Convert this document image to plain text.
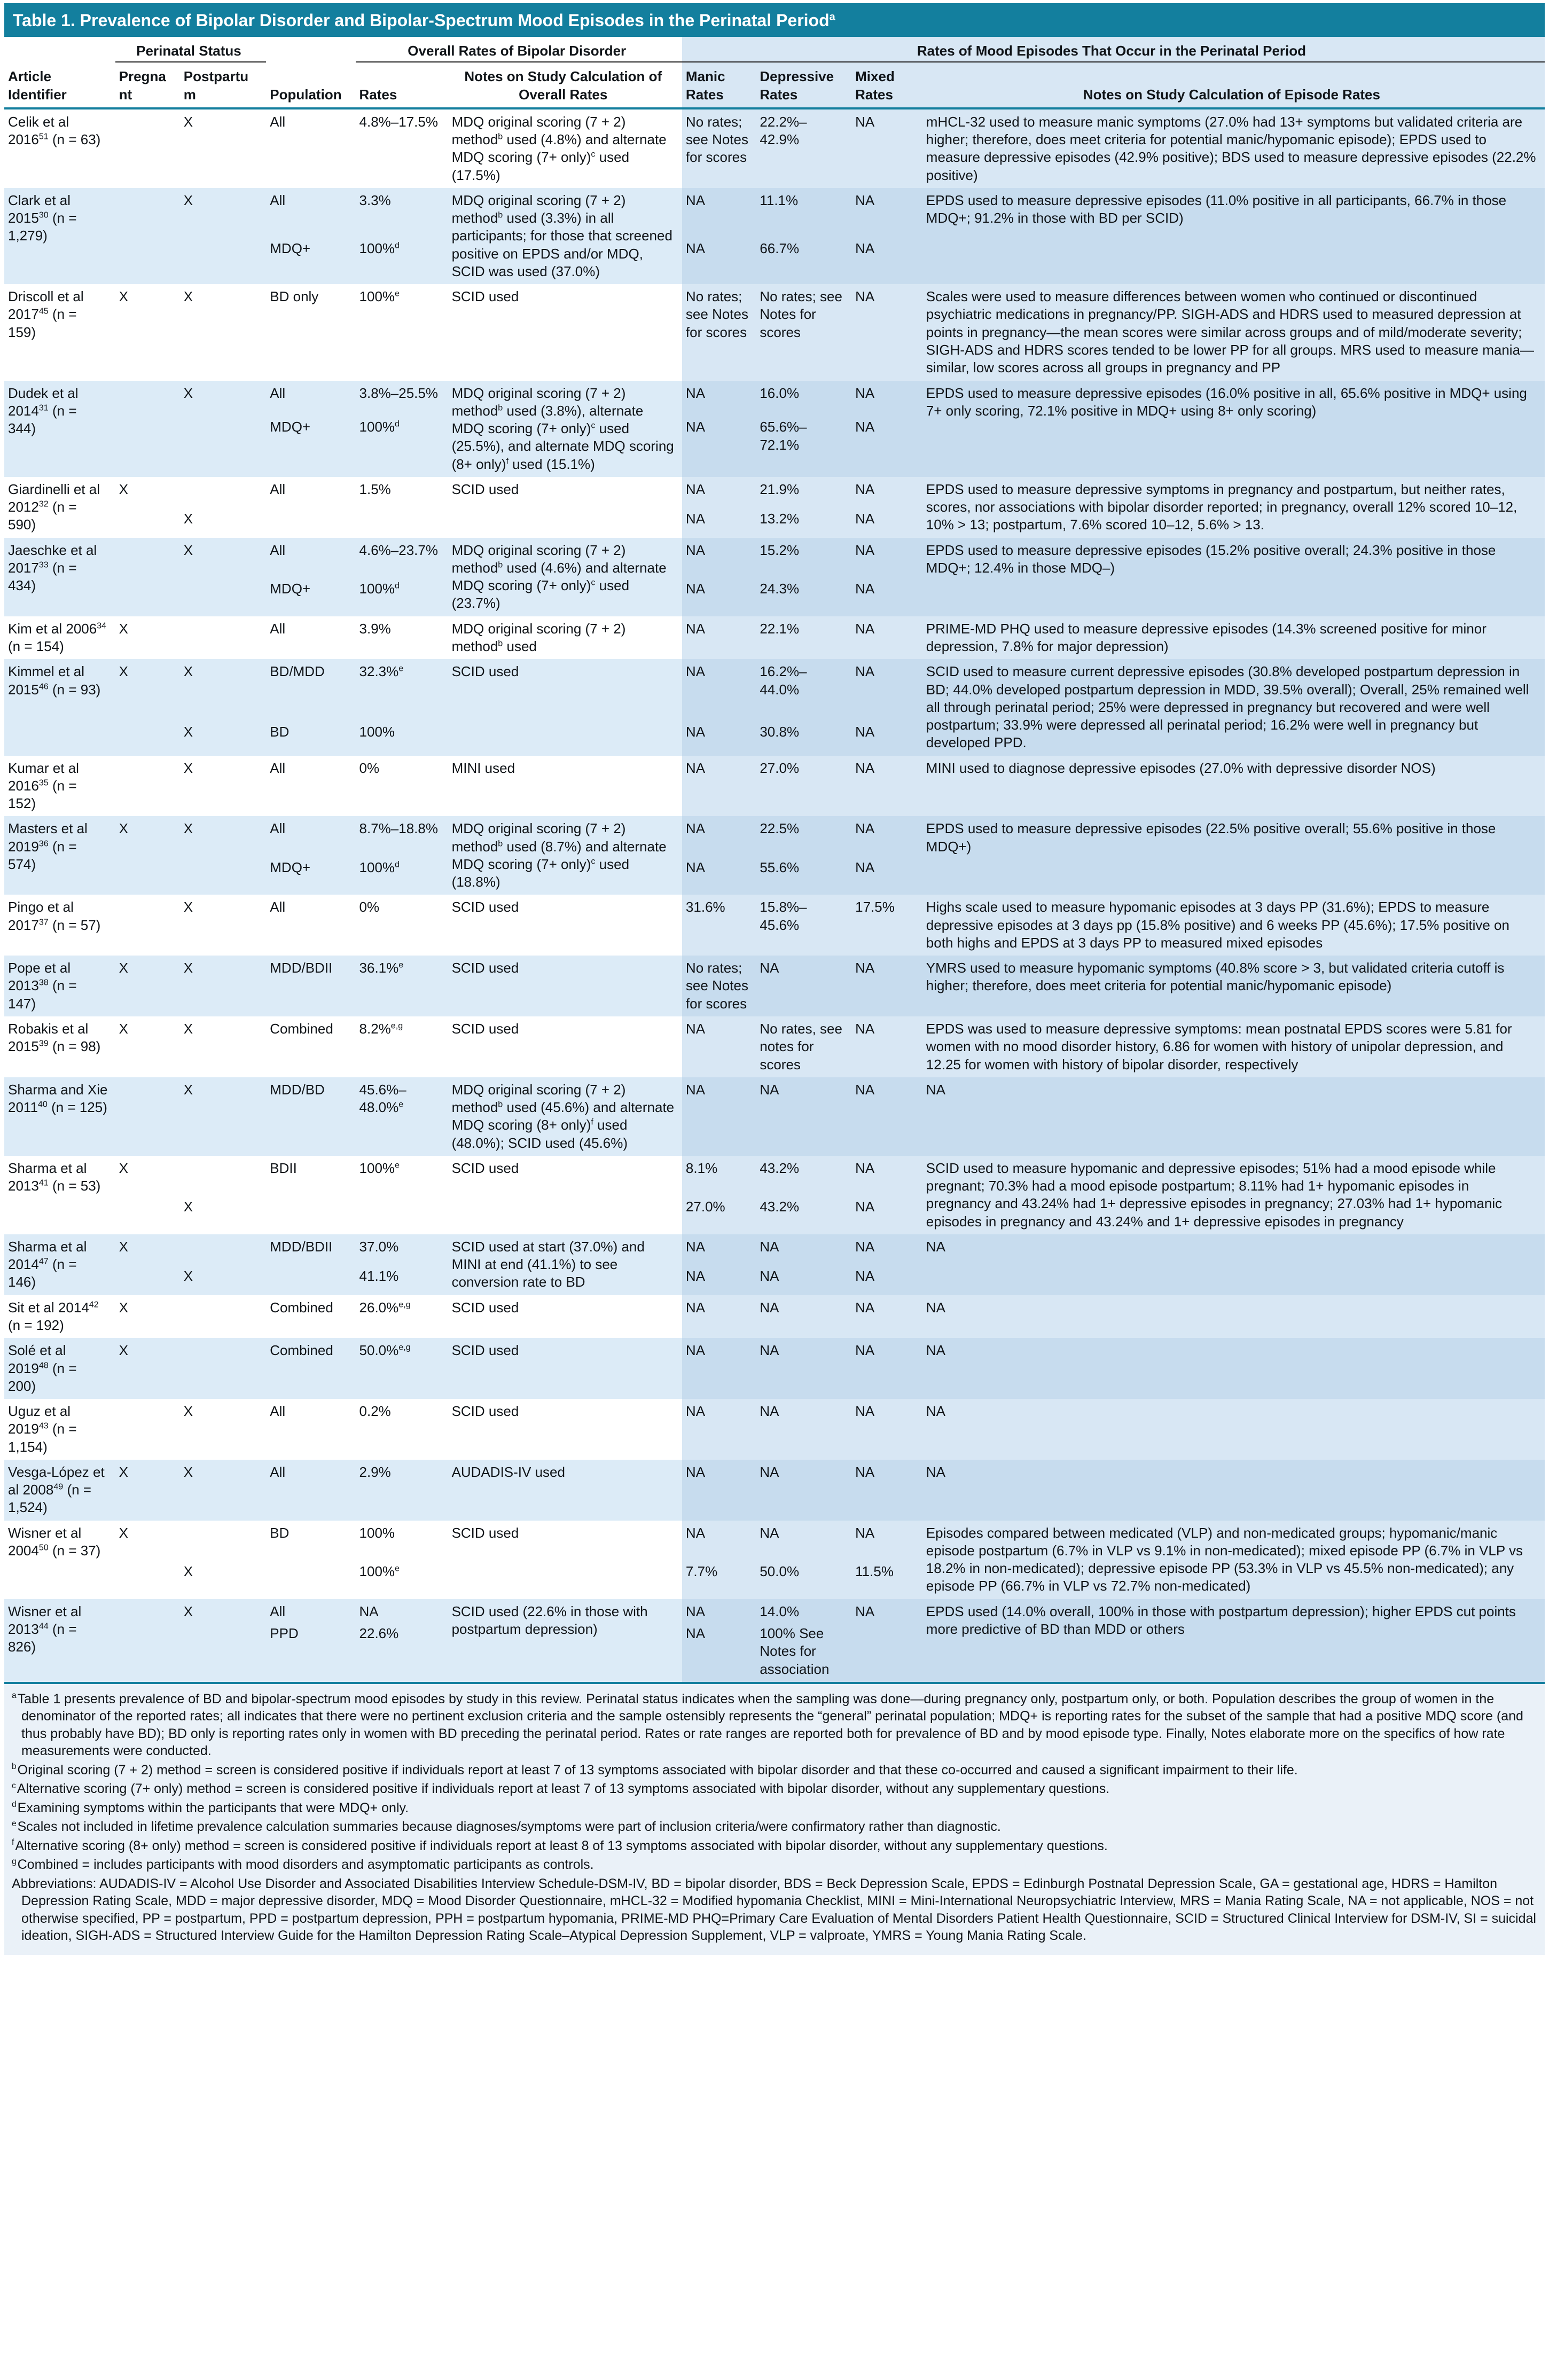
Table 1. Prevalence of Bipolar Disorder and Bipolar-Spectrum Mood Episodes in the Perinatal Period$^a$
Article Identifier	Perinatal Status		Population	Overall Rates of Bipolar Disorder		Rates of Mood Episodes That Occur in the Perinatal Period			
	Pregnant	Postpartum		Rates	Notes on Study Calculation of Overall Rates	Manic Rates	Depressive Rates	Mixed Rates	Notes on Study Calculation of Episode Rates
Celik et al 2016$^{51}$ (n = 63)		X	All	4.8%–17.5%	MDQ original scoring (7 + 2) method$^b$ used (4.8%) and alternate MDQ scoring (7+ only)$^c$ used (17.5%)	No rates; see Notes for scores	22.2%–42.9%	NA	mHCL-32 used to measure manic symptoms (27.0% had 13+ symptoms but validated criteria are higher; therefore, does meet criteria for potential manic/hypomanic episode); EPDS used to measure depressive episodes (42.9% positive); BDS used to measure depressive episodes (22.2% positive)
Clark et al 2015$^{30}$ (n = 1,279)		X	All	3.3%	MDQ original scoring (7 + 2) method$^b$ used (3.3%) in all participants; for those that screened positive on EPDS and/or MDQ, SCID was used (37.0%)	NA	11.1%	NA	EPDS used to measure depressive episodes (11.0% positive in all participants, 66.7% in those MDQ+; 91.2% in those with BD per SCID)
			MDQ+	100%$^d$		NA	66.7%	NA	
Driscoll et al 2017$^{45}$ (n = 159)	X	X	BD only	100%$^e$	SCID used	No rates; see Notes for scores	No rates; see Notes for scores	NA	Scales were used to measure differences between women who continued or discontinued psychiatric medications in pregnancy/PP. SIGH-ADS and HDRS used to measured depression at points in pregnancy—the mean scores were similar across groups and of mild/moderate severity; SIGH-ADS and HDRS scores tended to be lower PP for all groups. MRS used to measure mania—similar, low scores across all groups in pregnancy and PP
Dudek et al 2014$^{31}$ (n = 344)		X	All	3.8%–25.5%	MDQ original scoring (7 + 2) method$^b$ used (3.8%), alternate MDQ scoring (7+ only)$^c$ used (25.5%), and alternate MDQ scoring (8+ only)$^f$ used (15.1%)	NA	16.0%	NA	EPDS used to measure depressive episodes (16.0% positive in all, 65.6% positive in MDQ+ using 7+ only scoring, 72.1% positive in MDQ+ using 8+ only scoring)
			MDQ+	100%$^d$		NA	65.6%–72.1%	NA	
Giardinelli et al 2012$^{32}$ (n = 590)	X		All	1.5%	SCID used	NA	21.9%	NA	EPDS used to measure depressive symptoms in pregnancy and postpartum, but neither rates, scores, nor associations with bipolar disorder reported; in pregnancy, overall 12% scored 10–12, 10% > 13; postpartum, 7.6% scored 10–12, 5.6% > 13.
		X				NA	13.2%	NA	
Jaeschke et al 2017$^{33}$ (n = 434)		X	All	4.6%–23.7%	MDQ original scoring (7 + 2) method$^b$ used (4.6%) and alternate MDQ scoring (7+ only)$^c$ used (23.7%)	NA	15.2%	NA	EPDS used to measure depressive episodes (15.2% positive overall; 24.3% positive in those MDQ+; 12.4% in those MDQ–)
			MDQ+	100%$^d$		NA	24.3%	NA	
Kim et al 2006$^{34}$ (n = 154)	X		All	3.9%	MDQ original scoring (7 + 2) method$^b$ used	NA	22.1%	NA	PRIME-MD PHQ used to measure depressive episodes (14.3% screened positive for minor depression, 7.8% for major depression)
Kimmel et al 2015$^{46}$ (n = 93)	X	X	BD/MDD	32.3%$^e$	SCID used	NA	16.2%–44.0%	NA	SCID used to measure current depressive episodes (30.8% developed postpartum depression in BD; 44.0% developed postpartum depression in MDD, 39.5% overall); Overall, 25% remained well all through perinatal period; 25% were depressed in pregnancy but recovered and were well postpartum; 33.9% were depressed all perinatal period; 16.2% were well in pregnancy but developed PPD.
		X	BD	100%		NA	30.8%	NA	
Kumar et al 2016$^{35}$ (n = 152)		X	All	0%	MINI used	NA	27.0%	NA	MINI used to diagnose depressive episodes (27.0% with depressive disorder NOS)
Masters et al 2019$^{36}$ (n = 574)	X	X	All	8.7%–18.8%	MDQ original scoring (7 + 2) method$^b$ used (8.7%) and alternate MDQ scoring (7+ only)$^c$ used (18.8%)	NA	22.5%	NA	EPDS used to measure depressive episodes (22.5% positive overall; 55.6% positive in those MDQ+)
			MDQ+	100%$^d$		NA	55.6%	NA	
Pingo et al 2017$^{37}$ (n = 57)		X	All	0%	SCID used	31.6%	15.8%–45.6%	17.5%	Highs scale used to measure hypomanic episodes at 3 days PP (31.6%); EPDS to measure depressive episodes at 3 days pp (15.8% positive) and 6 weeks PP (45.6%); 17.5% positive on both highs and EPDS at 3 days PP to measured mixed episodes
Pope et al 2013$^{38}$ (n = 147)	X	X	MDD/BDII	36.1%$^e$	SCID used	No rates; see Notes for scores	NA	NA	YMRS used to measure hypomanic symptoms (40.8% score > 3, but validated criteria cutoff is higher; therefore, does meet criteria for potential manic/hypomanic episode)
Robakis et al 2015$^{39}$ (n = 98)	X	X	Combined	8.2%$^{e,g}$	SCID used	NA	No rates, see notes for scores	NA	EPDS was used to measure depressive symptoms: mean postnatal EPDS scores were 5.81 for women with no mood disorder history, 6.86 for women with history of unipolar depression, and 12.25 for women with history of bipolar disorder, respectively
Sharma and Xie 2011$^{40}$ (n = 125)		X	MDD/BD	45.6%–48.0%$^e$	MDQ original scoring (7 + 2) method$^b$ used (45.6%) and alternate MDQ scoring (8+ only)$^f$ used (48.0%); SCID used (45.6%)	NA	NA	NA	NA
Sharma et al 2013$^{41}$ (n = 53)	X		BDII	100%$^e$	SCID used	8.1%	43.2%	NA	SCID used to measure hypomanic and depressive episodes; 51% had a mood episode while pregnant; 70.3% had a mood episode postpartum; 8.11% had 1+ hypomanic episodes in pregnancy and 43.24% had 1+ depressive episodes in pregnancy; 27.03% had 1+ hypomanic episodes in pregnancy and 43.24% and 1+ depressive episodes in pregnancy
		X				27.0%	43.2%	NA	
Sharma et al 2014$^{47}$ (n = 146)	X		MDD/BDII	37.0%	SCID used at start (37.0%) and MINI at end (41.1%) to see conversion rate to BD	NA	NA	NA	NA
		X		41.1%		NA	NA	NA	
Sit et al 2014$^{42}$ (n = 192)	X		Combined	26.0%$^{e,g}$	SCID used	NA	NA	NA	NA
Solé et al 2019$^{48}$ (n = 200)	X		Combined	50.0%$^{e,g}$	SCID used	NA	NA	NA	NA
Uguz et al 2019$^{43}$ (n = 1,154)		X	All	0.2%	SCID used	NA	NA	NA	NA
Vesga-López et al 2008$^{49}$ (n = 1,524)	X	X	All	2.9%	AUDADIS-IV used	NA	NA	NA	NA
Wisner et al 2004$^{50}$ (n = 37)	X		BD	100%	SCID used	NA	NA	NA	Episodes compared between medicated (VLP) and non-medicated groups; hypomanic/manic episode postpartum (6.7% in VLP vs 9.1% in non-medicated); mixed episode PP (6.7% in VLP vs 18.2% in non-medicated); depressive episode PP (53.3% in VLP vs 45.5% non-medicated); any episode PP (66.7% in VLP vs 72.7% non-medicated)
		X		100%$^e$		7.7%	50.0%	11.5%	
Wisner et al 2013$^{44}$ (n = 826)		X	All	NA	SCID used (22.6% in those with postpartum depression)	NA	14.0%	NA	EPDS used (14.0% overall, 100% in those with postpartum depression); higher EPDS cut points more predictive of BD than MDD or others
			PPD	22.6%		NA	100% See Notes for association		

$^a$Table 1 presents prevalence of BD and bipolar-spectrum mood episodes by study in this review. Perinatal status indicates when the sampling was done—during pregnancy only, postpartum only, or both. Population describes the group of women in the denominator of the reported rates; all indicates that there were no pertinent exclusion criteria and the sample ostensibly represents the “general” perinatal population; MDQ+ is reporting rates for the subset of the sample that had a positive MDQ score (and thus probably have BD); BD only is reporting rates only in women with BD preceding the perinatal period. Rates or rate ranges are reported both for prevalence of BD and by mood episode type. Finally, Notes elaborate more on the specifics of how rate measurements were conducted.

$^b$Original scoring (7 + 2) method = screen is considered positive if individuals report at least 7 of 13 symptoms associated with bipolar disorder and that these co-occurred and caused a significant impairment to their life.

$^c$Alternative scoring (7+ only) method = screen is considered positive if individuals report at least 7 of 13 symptoms associated with bipolar disorder, without any supplementary questions.

$^d$Examining symptoms within the participants that were MDQ+ only.

$^e$Scales not included in lifetime prevalence calculation summaries because diagnoses/symptoms were part of inclusion criteria/were confirmatory rather than diagnostic.

$^f$Alternative scoring (8+ only) method = screen is considered positive if individuals report at least 8 of 13 symptoms associated with bipolar disorder, without any supplementary questions.

$^g$Combined = includes participants with mood disorders and asymptomatic participants as controls.

Abbreviations: AUDADIS-IV = Alcohol Use Disorder and Associated Disabilities Interview Schedule-DSM-IV, BD = bipolar disorder, BDS = Beck Depression Scale, EPDS = Edinburgh Postnatal Depression Scale, GA = gestational age, HDRS = Hamilton Depression Rating Scale, MDD = major depressive disorder, MDQ = Mood Disorder Questionnaire, mHCL-32 = Modified hypomania Checklist, MINI = Mini-International Neuropsychiatric Interview, MRS = Mania Rating Scale, NA = not applicable, NOS = not otherwise specified, PP = postpartum, PPD = postpartum depression, PPH = postpartum hypomania, PRIME-MD PHQ=Primary Care Evaluation of Mental Disorders Patient Health Questionnaire, SCID = Structured Clinical Interview for DSM-IV, SI = suicidal ideation, SIGH-ADS = Structured Interview Guide for the Hamilton Depression Rating Scale–Atypical Depression Supplement, VLP = valproate, YMRS = Young Mania Rating Scale.
